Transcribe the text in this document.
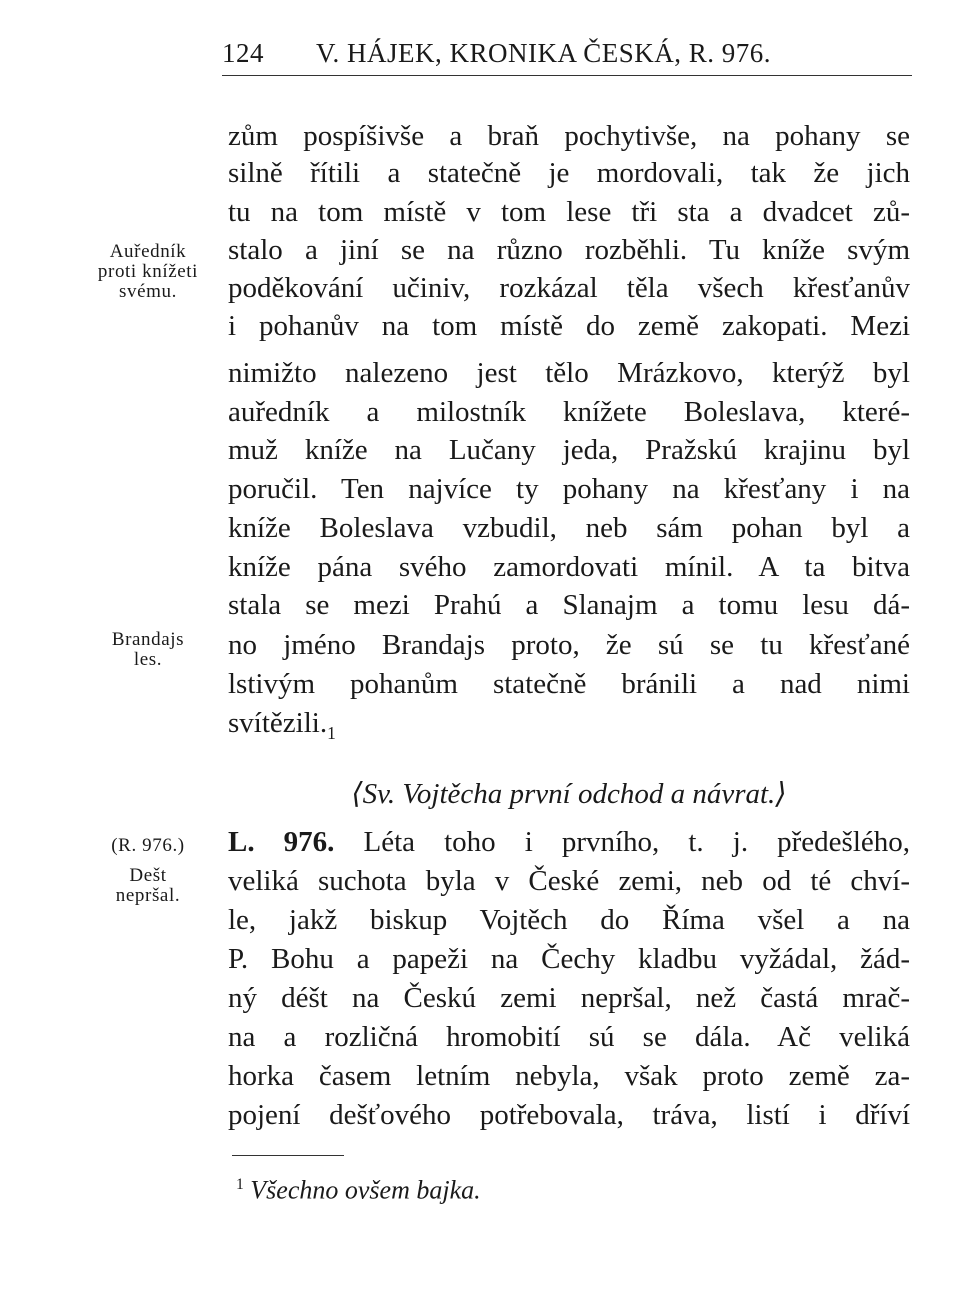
124 V. HÁJEK, KRONIKA ČESKÁ, R. 976.
Auředník
proti knížeti
svému.
Brandajs
les.
(R. 976.)
Dešt
nepršal.
zům pospíšivše a braň pochytivše, na pohany se
silně řítili a statečně je mordovali, tak že jich
tu na tom místě v tom lese tři sta a dvadcet zů-
stalo a jiní se na různo rozběhli. Tu kníže svým
poděkování učiniv, rozkázal těla všech křesťanův
i pohanův na tom místě do země zakopati. Mezi
nimižto nalezeno jest tělo Mrázkovo, kterýž byl
auředník a milostník knížete Boleslava, které-
muž kníže na Lučany jeda, Pražskú krajinu byl
poručil. Ten najvíce ty pohany na křesťany i na
kníže Boleslava vzbudil, neb sám pohan byl a
kníže pána svého zamordovati mínil. A ta bitva
stala se mezi Prahú a Slanajm a tomu lesu dá-
no jméno Brandajs proto, že sú se tu křesťané
lstivým pohanům statečně bránili a nad nimi
$svítězili._1$
⟨Sv. Vojtěcha první odchod a návrat.⟩
L. 976. Léta toho i prvního, t. j. předešlého,
veliká suchota byla v České zemi, neb od té chví-
le, jakž biskup Vojtěch do Říma všel a na
P. Bohu a papeži na Čechy kladbu vyžádal, žád-
ný déšt na Českú zemi nepršal, než častá mrač-
na a rozličná hromobití sú se dála. Ač veliká
horka časem letním nebyla, však proto země za-
pojení dešťového potřebovala, tráva, listí i dříví
$^1$ Všechno ovšem bajka.
